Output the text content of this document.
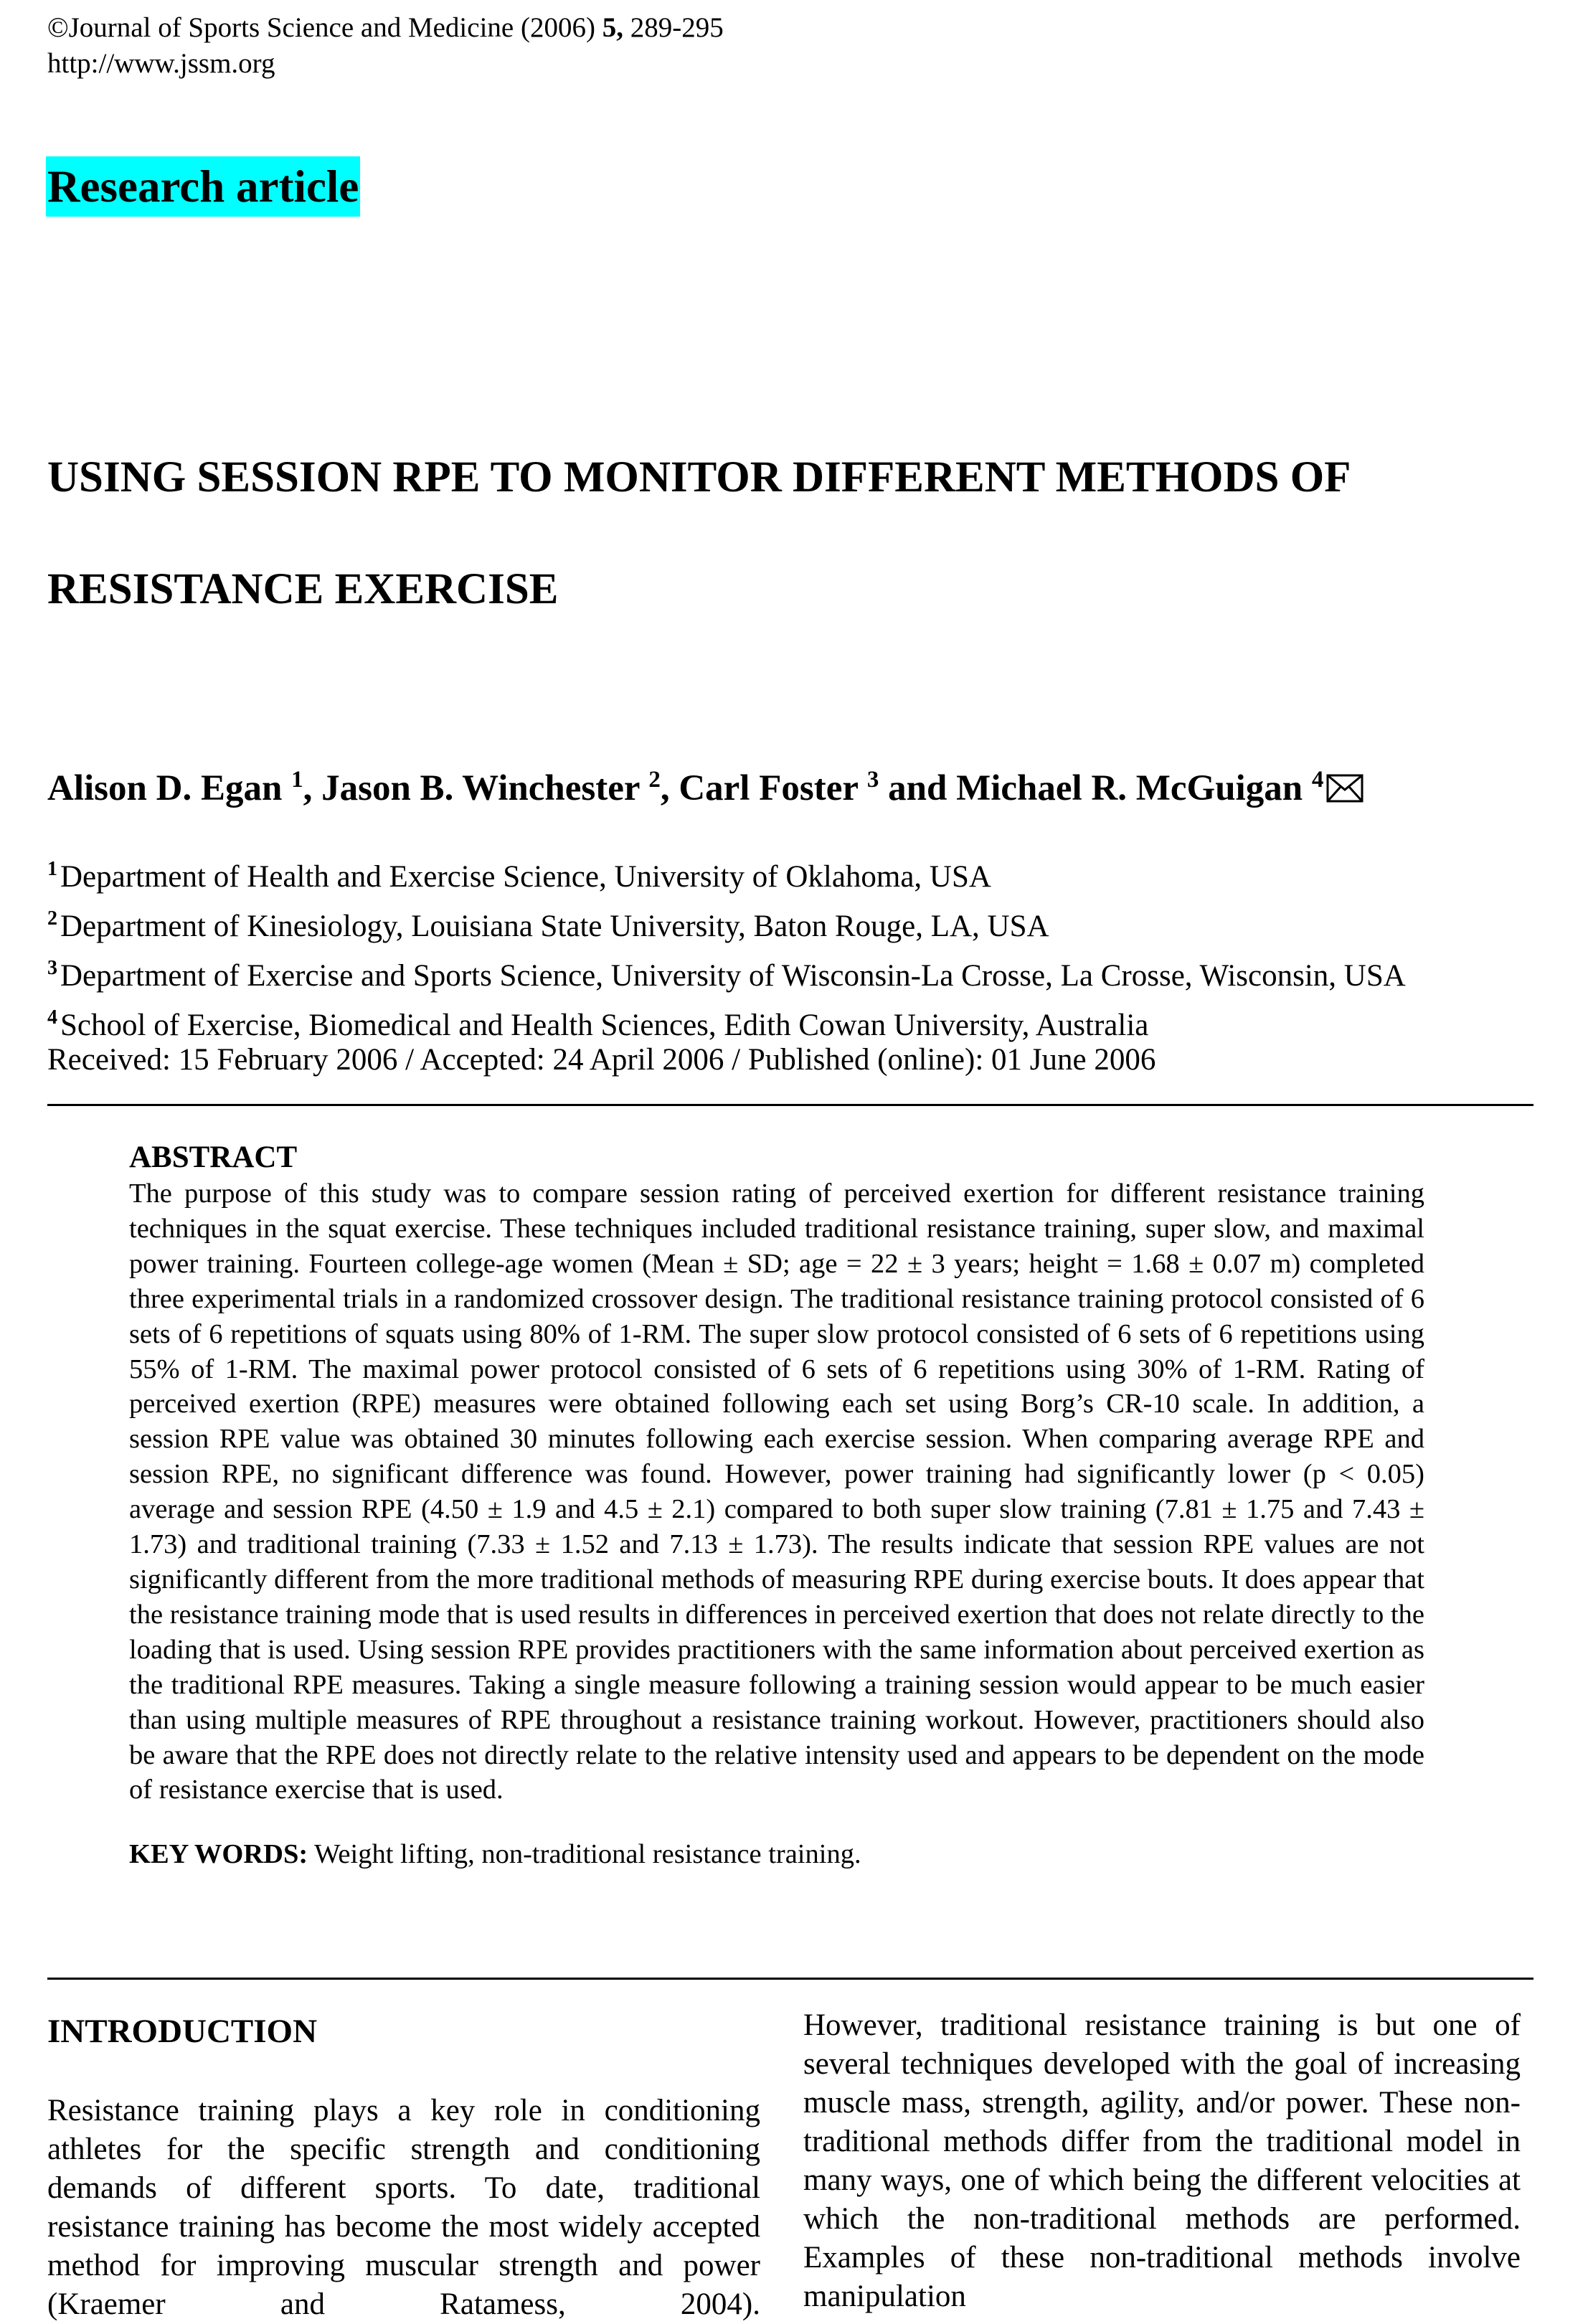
©Journal of Sports Science and Medicine (2006) 5, 289-295
http://www.jssm.org
Research article
USING SESSION RPE TO MONITOR DIFFERENT METHODS OF
RESISTANCE EXERCISE
Alison D. Egan $^1$, Jason B. Winchester $^2$, Carl Foster $^3$ and Michael R. McGuigan $^4$
$^1$Department of Health and Exercise Science, University of Oklahoma, USA
$^2$Department of Kinesiology, Louisiana State University, Baton Rouge, LA, USA
$^3$Department of Exercise and Sports Science, University of Wisconsin-La Crosse, La Crosse, Wisconsin, USA
$^4$School of Exercise, Biomedical and Health Sciences, Edith Cowan University, Australia
Received: 15 February 2006 / Accepted: 24 April 2006 / Published (online): 01 June 2006
ABSTRACT

The purpose of this study was to compare session rating of perceived exertion for different resistance training techniques in the squat exercise. These techniques included traditional resistance training, super slow, and maximal power training. Fourteen college-age women (Mean ± SD; age = 22 ± 3 years; height = 1.68 ± 0.07 m) completed three experimental trials in a randomized crossover design. The traditional resistance training protocol consisted of 6 sets of 6 repetitions of squats using 80% of 1-RM. The super slow protocol consisted of 6 sets of 6 repetitions using 55% of 1-RM. The maximal power protocol consisted of 6 sets of 6 repetitions using 30% of 1-RM. Rating of perceived exertion (RPE) measures were obtained following each set using Borg’s CR-10 scale. In addition, a session RPE value was obtained 30 minutes following each exercise session. When comparing average RPE and session RPE, no significant difference was found. However, power training had significantly lower (p < 0.05) average and session RPE (4.50 ± 1.9 and 4.5 ± 2.1) compared to both super slow training (7.81 ± 1.75 and 7.43 ± 1.73) and traditional training (7.33 ± 1.52 and 7.13 ± 1.73). The results indicate that session RPE values are not significantly different from the more traditional methods of measuring RPE during exercise bouts. It does appear that the resistance training mode that is used results in differences in perceived exertion that does not relate directly to the loading that is used. Using session RPE provides practitioners with the same information about perceived exertion as the traditional RPE measures. Taking a single measure following a training session would appear to be much easier than using multiple measures of RPE throughout a resistance training workout. However, practitioners should also be aware that the RPE does not directly relate to the relative intensity used and appears to be dependent on the mode of resistance exercise that is used.

KEY WORDS: Weight lifting, non-traditional resistance training.
INTRODUCTION

Resistance training plays a key role in conditioning athletes for the specific strength and conditioning demands of different sports. To date, traditional resistance training has become the most widely accepted method for improving muscular strength and power (Kraemer and Ratamess, 2004).

However, traditional resistance training is but one of several techniques developed with the goal of increasing muscle mass, strength, agility, and/or power. These non-traditional methods differ from the traditional model in many ways, one of which being the different velocities at which the non-traditional methods are performed. Examples of these non-traditional methods involve manipulation
